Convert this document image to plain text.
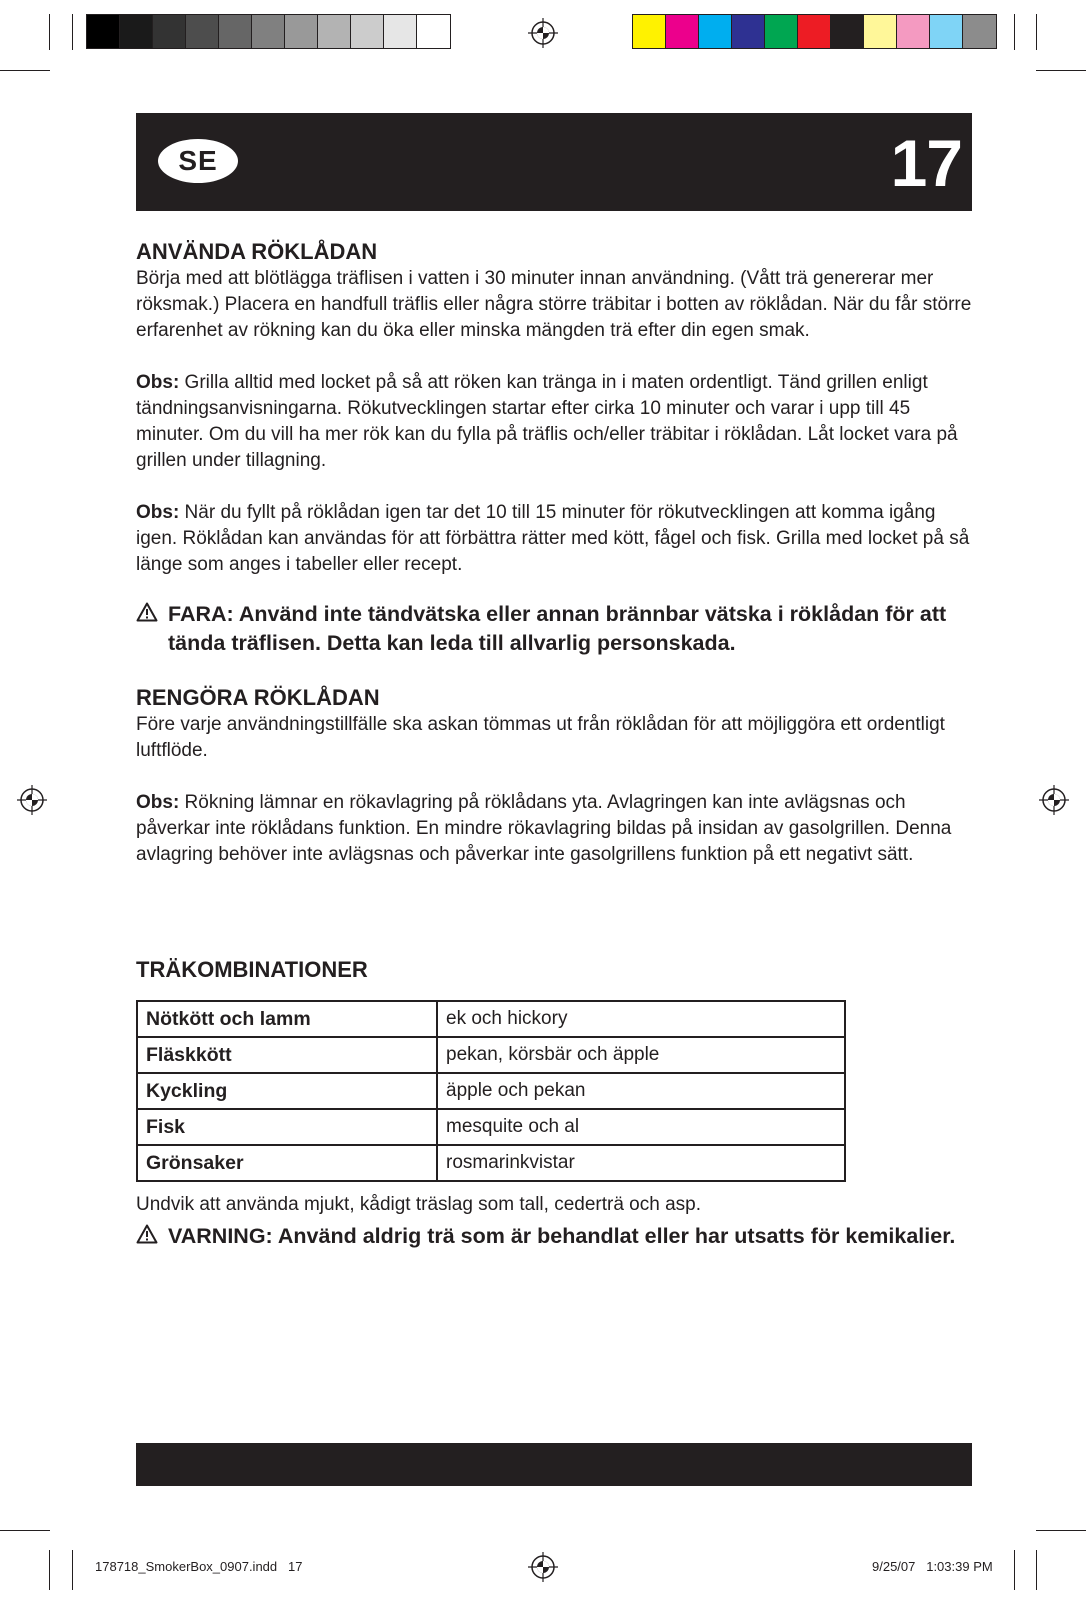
SE	17
ANVÄNDA RÖKLÅDAN

Börja med att blötlägga träflisen i vatten i 30 minuter innan användning. (Vått trä genererar mer röksmak.) Placera en handfull träflis eller några större träbitar i botten av röklådan. När du får större erfarenhet av rökning kan du öka eller minska mängden trä efter din egen smak.

Obs: Grilla alltid med locket på så att röken kan tränga in i maten ordentligt. Tänd grillen enligt tändningsanvisningarna. Rökutvecklingen startar efter cirka 10 minuter och varar i upp till 45 minuter. Om du vill ha mer rök kan du fylla på träflis och/eller träbitar i röklådan. Låt locket vara på grillen under tillagning.

Obs: När du fyllt på röklådan igen tar det 10 till 15 minuter för rökutvecklingen att komma igång igen. Röklådan kan användas för att förbättra rätter med kött, fågel och fisk. Grilla med locket på så länge som anges i tabeller eller recept.

FARA: Använd inte tändvätska eller annan brännbar vätska i röklådan för att tända träflisen. Detta kan leda till allvarlig personskada.
RENGÖRA RÖKLÅDAN

Före varje användningstillfälle ska askan tömmas ut från röklådan för att möjliggöra ett ordentligt luftflöde.

Obs: Rökning lämnar en rökavlagring på röklådans yta. Avlagringen kan inte avlägsnas och påverkar inte röklådans funktion. En mindre rökavlagring bildas på insidan av gasolgrillen. Denna avlagring behöver inte avlägsnas och påverkar inte gasolgrillens funktion på ett negativt sätt.

TRÄKOMBINATIONER
Nötkött och lamm	ek och hickory
Fläskkött	pekan, körsbär och äpple
Kyckling	äpple och pekan
Fisk	mesquite och al
Grönsaker	rosmarinkvistar

Undvik att använda mjukt, kådigt träslag som tall, cederträ och asp.

VARNING: Använd aldrig trä som är behandlat eller har utsatts för kemikalier.
178718_SmokerBox_0907.indd   17	9/25/07   1:03:39 PM
